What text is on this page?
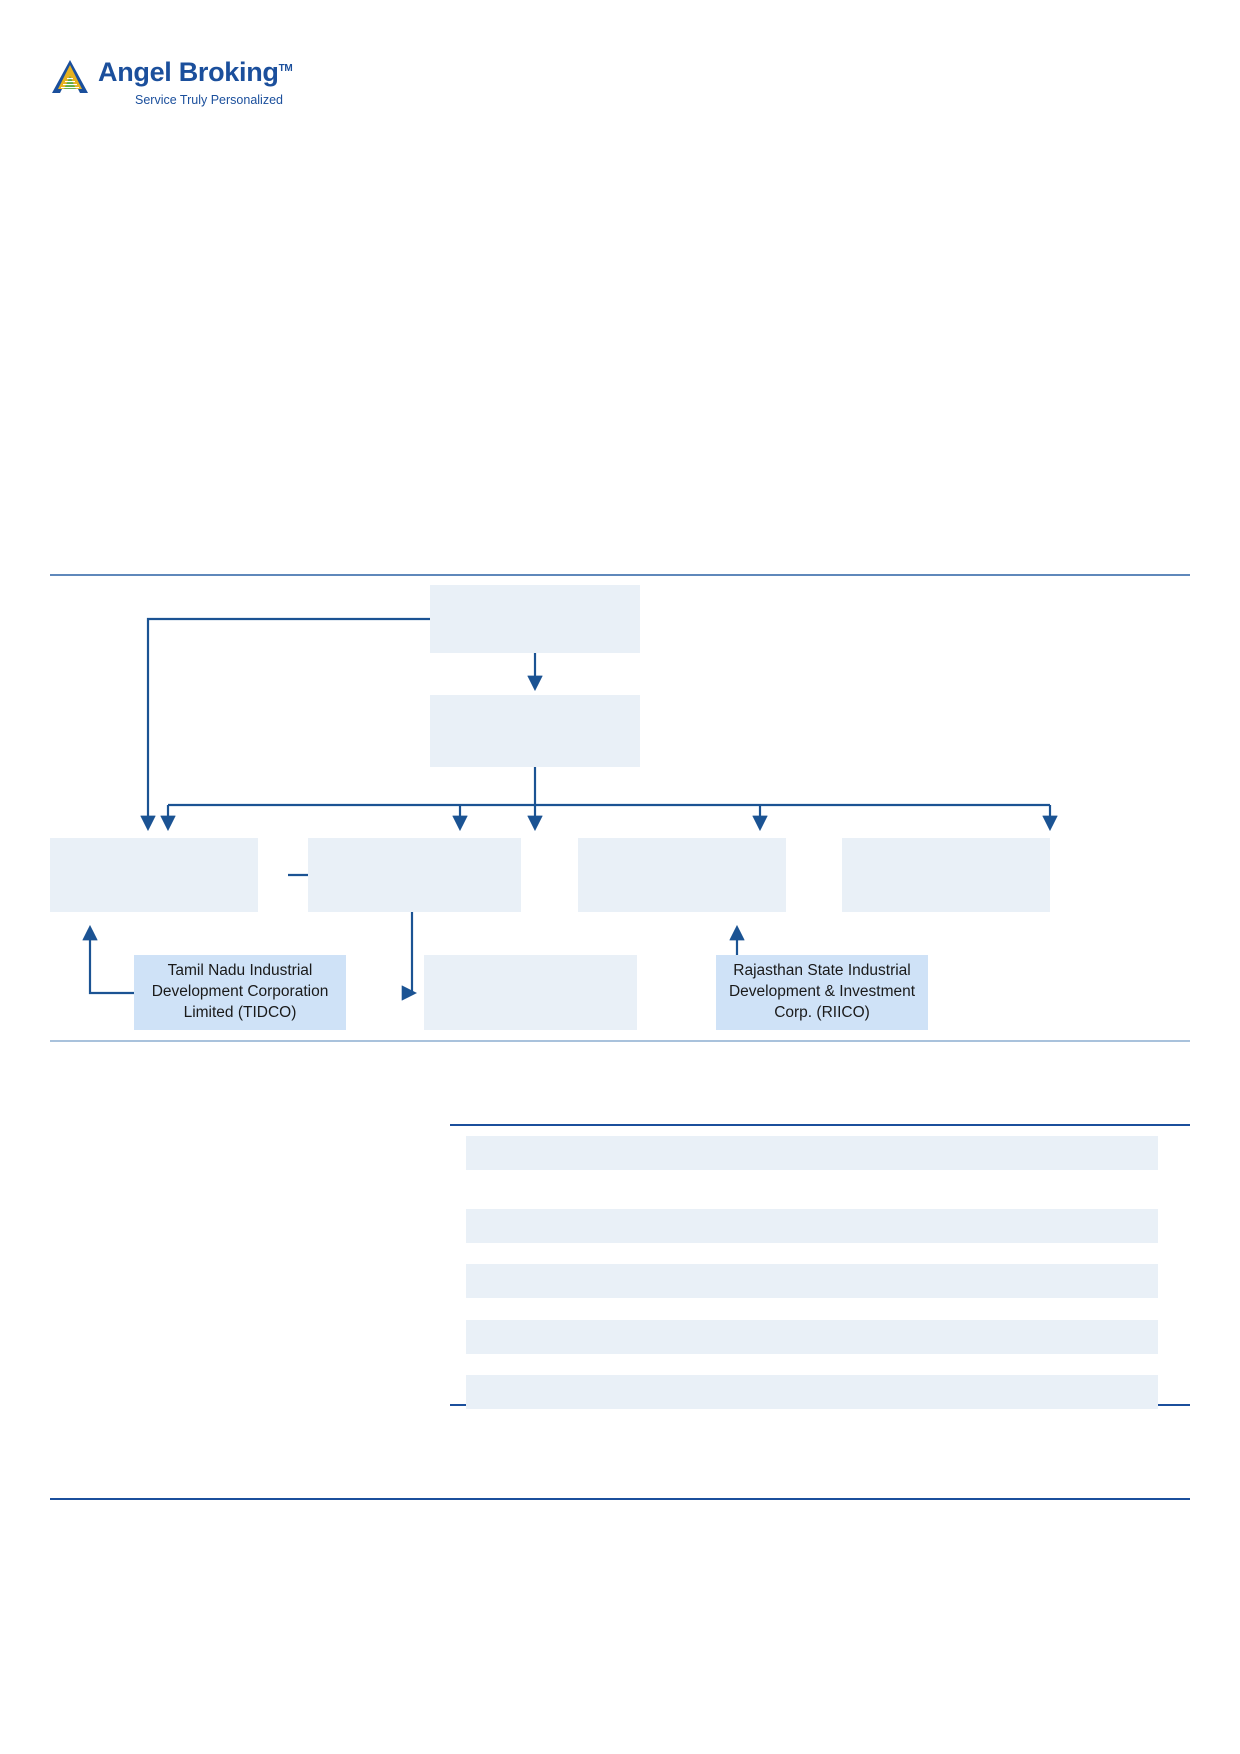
Angel Broking™
Service Truly Personalized
Tamil Nadu Industrial Development Corporation Limited (TIDCO)
Rajasthan State Industrial Development & Investment Corp. (RIICO)
